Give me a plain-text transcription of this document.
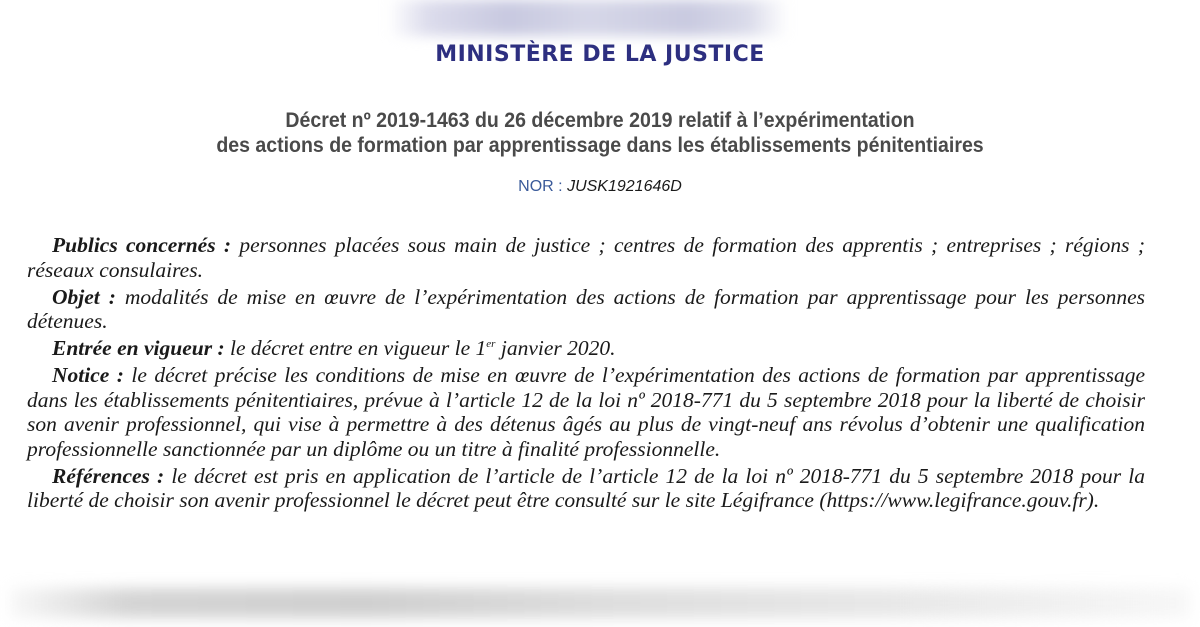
MINISTÈRE DE LA JUSTICE
Décret nº 2019-1463 du 26 décembre 2019 relatif à l’expérimentation
des actions de formation par apprentissage dans les établissements pénitentiaires
NOR : JUSK1921646D

Publics concernés : personnes placées sous main de justice ; centres de formation des apprentis ; entreprises ; régions ; réseaux consulaires.

Objet : modalités de mise en œuvre de l’expérimentation des actions de formation par apprentissage pour les personnes détenues.

Entrée en vigueur : le décret entre en vigueur le 1er janvier 2020.

Notice : le décret précise les conditions de mise en œuvre de l’expérimentation des actions de formation par apprentissage dans les établissements pénitentiaires, prévue à l’article 12 de la loi nº 2018-771 du 5 septembre 2018 pour la liberté de choisir son avenir professionnel, qui vise à permettre à des détenus âgés au plus de vingt-neuf ans révolus d’obtenir une qualification professionnelle sanctionnée par un diplôme ou un titre à finalité professionnelle.

Références : le décret est pris en application de l’article de l’article 12 de la loi nº 2018-771 du 5 septembre 2018 pour la liberté de choisir son avenir professionnel le décret peut être consulté sur le site Légifrance (https://www.legifrance.gouv.fr).
